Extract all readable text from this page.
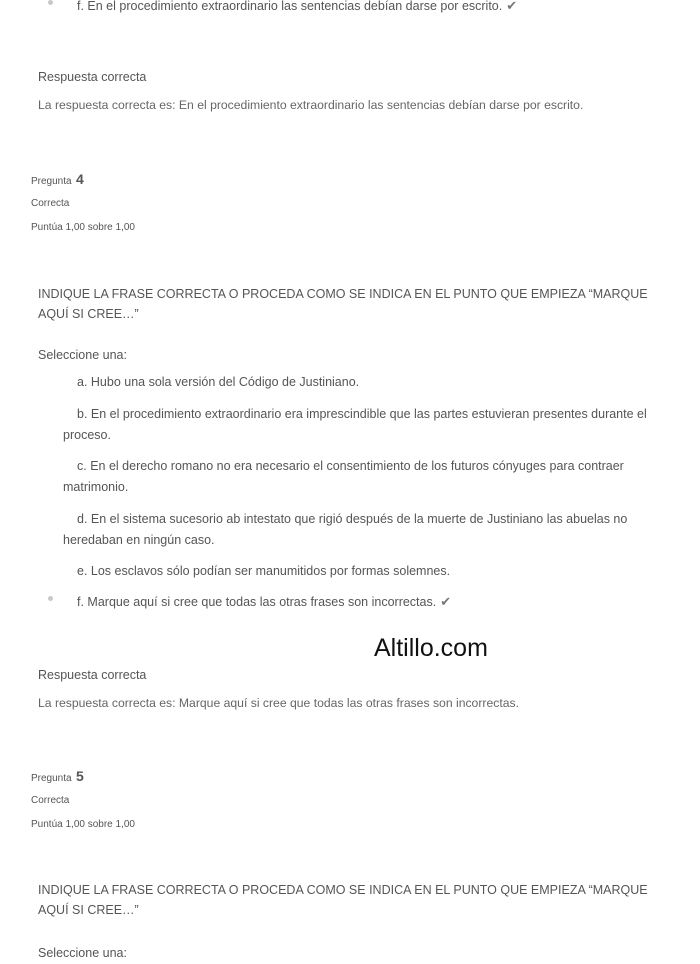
f. En el procedimiento extraordinario las sentencias debían darse por escrito. ✔
Respuesta correcta
La respuesta correcta es: En el procedimiento extraordinario las sentencias debían darse por escrito.
Pregunta 4
Correcta
Puntúa 1,00 sobre 1,00
INDIQUE LA FRASE CORRECTA O PROCEDA COMO SE INDICA EN EL PUNTO QUE EMPIEZA “MARQUE AQUÍ SI CREE…”
Seleccione una:
a. Hubo una sola versión del Código de Justiniano.
b. En el procedimiento extraordinario era imprescindible que las partes estuvieran presentes durante el proceso.
c. En el derecho romano no era necesario el consentimiento de los futuros cónyuges para contraer matrimonio.
d. En el sistema sucesorio ab intestato que rigió después de la muerte de Justiniano las abuelas no heredaban en ningún caso.
e. Los esclavos sólo podían ser manumitidos por formas solemnes.
f. Marque aquí si cree que todas las otras frases son incorrectas. ✔
Altillo.com
Respuesta correcta
La respuesta correcta es: Marque aquí si cree que todas las otras frases son incorrectas.
Pregunta 5
Correcta
Puntúa 1,00 sobre 1,00
INDIQUE LA FRASE CORRECTA O PROCEDA COMO SE INDICA EN EL PUNTO QUE EMPIEZA “MARQUE AQUÍ SI CREE…”
Seleccione una:
